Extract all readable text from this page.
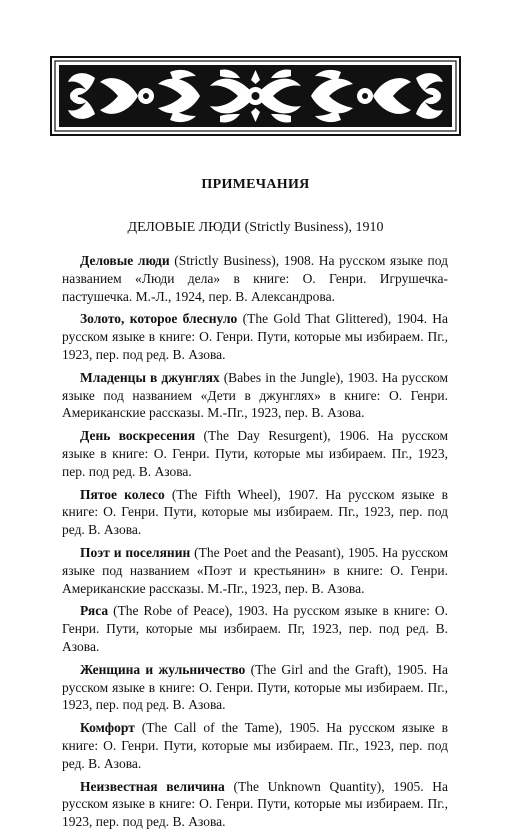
ПРИМЕЧАНИЯ
ДЕЛОВЫЕ ЛЮДИ (Strictly Business), 1910

Деловые люди (Strictly Business), 1908. На русском языке под названием «Люди дела» в книге: О. Генри. Игрушечка-пастушечка. М.-Л., 1924, пер. В. Александрова.

Золото, которое блеснуло (The Gold That Glittered), 1904. На русском языке в книге: О. Генри. Пути, которые мы избираем. Пг., 1923, пер. под ред. В. Азова.

Младенцы в джунглях (Babes in the Jungle), 1903. На русском языке под названием «Дети в джунглях» в книге: О. Генри. Американские рассказы. М.-Пг., 1923, пер. В. Азова.

День воскресения (The Day Resurgent), 1906. На русском языке в книге: О. Генри. Пути, которые мы избираем. Пг., 1923, пер. под ред. В. Азова.

Пятое колесо (The Fifth Wheel), 1907. На русском языке в книге: О. Генри. Пути, которые мы избираем. Пг., 1923, пер. под ред. В. Азова.

Поэт и поселянин (The Poet and the Peasant), 1905. На русском языке под названием «Поэт и крестьянин» в книге: О. Генри. Американские рассказы. М.-Пг., 1923, пер. В. Азова.

Ряса (The Robe of Peace), 1903. На русском языке в книге: О. Генри. Пути, которые мы избираем. Пг, 1923, пер. под ред. В. Азова.

Женщина и жульничество (The Girl and the Graft), 1905. На русском языке в книге: О. Генри. Пути, которые мы избираем. Пг., 1923, пер. под ред. В. Азова.

Комфорт (The Call of the Tame), 1905. На русском языке в книге: О. Генри. Пути, которые мы избираем. Пг., 1923, пер. под ред. В. Азова.

Неизвестная величина (The Unknown Quantity), 1905. На русском языке в книге: О. Генри. Пути, которые мы избираем. Пг., 1923, пер. под ред. В. Азова.
